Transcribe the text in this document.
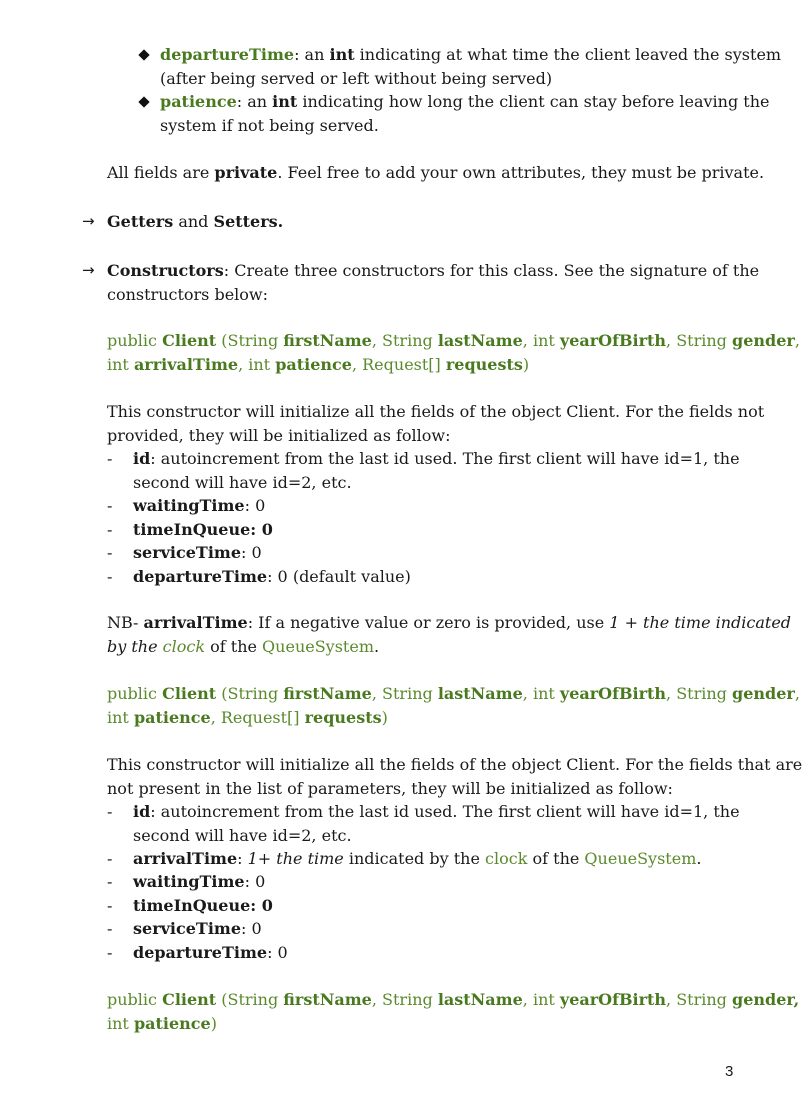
departureTime: an int indicating at what time the client leaved the system
(after being served or left without being served)
patience: an int indicating how long the client can stay before leaving the
system if not being served.
All fields are private. Feel free to add your own attributes, they must be private.
→ Getters and Setters.
→ Constructors: Create three constructors for this class. See the signature of the
constructors below:
public Client (String firstName, String lastName, int yearOfBirth, String gender,
int arrivalTime, int patience, Request[] requests)
This constructor will initialize all the fields of the object Client. For the fields not
provided, they will be initialized as follow:
- id: autoincrement from the last id used. The first client will have id=1, the
second will have id=2, etc.
- waitingTime: 0
- timeInQueue: 0
- serviceTime: 0
- departureTime: 0 (default value)
NB- arrivalTime: If a negative value or zero is provided, use 1 + the time indicated
by the clock of the QueueSystem.
public Client (String firstName, String lastName, int yearOfBirth, String gender,
int patience, Request[] requests)
This constructor will initialize all the fields of the object Client. For the fields that are
not present in the list of parameters, they will be initialized as follow:
- id: autoincrement from the last id used. The first client will have id=1, the
second will have id=2, etc.
- arrivalTime: 1+ the time indicated by the clock of the QueueSystem.
- waitingTime: 0
- timeInQueue: 0
- serviceTime: 0
- departureTime: 0
public Client (String firstName, String lastName, int yearOfBirth, String gender,
int patience)
3
